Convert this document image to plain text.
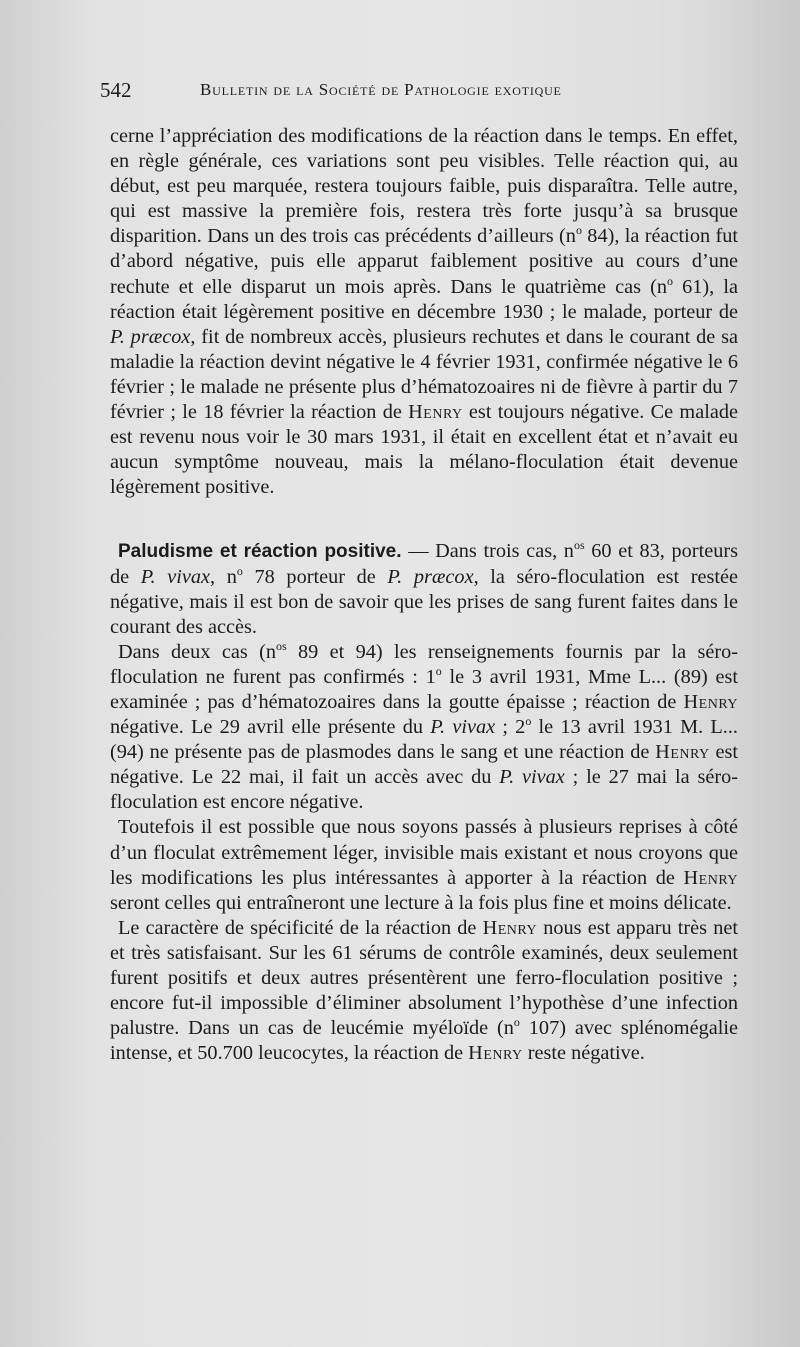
542	Bulletin de la Société de Pathologie exotique

cerne l’appréciation des modifications de la réaction dans le temps. En effet, en règle générale, ces variations sont peu visibles. Telle réaction qui, au début, est peu marquée, restera toujours faible, puis disparaîtra. Telle autre, qui est massive la première fois, restera très forte jusqu’à sa brusque disparition. Dans un des trois cas précédents d’ailleurs ($n^o$ 84), la réaction fut d’abord négative, puis elle apparut faiblement positive au cours d’une rechute et elle disparut un mois après. Dans le quatrième cas ($n^o$ 61), la réaction était légèrement positive en décembre 1930 ; le malade, porteur de P. præcox, fit de nombreux accès, plusieurs rechutes et dans le courant de sa maladie la réaction devint négative le 4 février 1931, confirmée négative le 6 février ; le malade ne présente plus d’hématozoaires ni de fièvre à partir du 7 février ; le 18 février la réaction de Henry est toujours négative. Ce malade est revenu nous voir le 30 mars 1931, il était en excellent état et n’avait eu aucun symptôme nouveau, mais la mélano-floculation était devenue légèrement positive.

Paludisme et réaction positive. — Dans trois cas, $n^{os}$ 60 et 83, porteurs de P. vivax, $n^o$ 78 porteur de P. præcox, la séro-floculation est restée négative, mais il est bon de savoir que les prises de sang furent faites dans le courant des accès.

Dans deux cas ($n^{os}$ 89 et 94) les renseignements fournis par la séro-floculation ne furent pas confirmés : 1$^o$ le 3 avril 1931, Mme L... (89) est examinée ; pas d’hématozoaires dans la goutte épaisse ; réaction de Henry négative. Le 29 avril elle présente du P. vivax ; 2$^o$ le 13 avril 1931 M. L... (94) ne présente pas de plasmodes dans le sang et une réaction de Henry est négative. Le 22 mai, il fait un accès avec du P. vivax ; le 27 mai la séro-floculation est encore négative.

Toutefois il est possible que nous soyons passés à plusieurs reprises à côté d’un floculat extrêmement léger, invisible mais existant et nous croyons que les modifications les plus intéressantes à apporter à la réaction de Henry seront celles qui entraîneront une lecture à la fois plus fine et moins délicate.

Le caractère de spécificité de la réaction de Henry nous est apparu très net et très satisfaisant. Sur les 61 sérums de contrôle examinés, deux seulement furent positifs et deux autres présentèrent une ferro-floculation positive ; encore fut-il impossible d’éliminer absolument l’hypothèse d’une infection palustre. Dans un cas de leucémie myéloïde ($n^o$ 107) avec splénomégalie intense, et 50.700 leucocytes, la réaction de Henry reste négative.
